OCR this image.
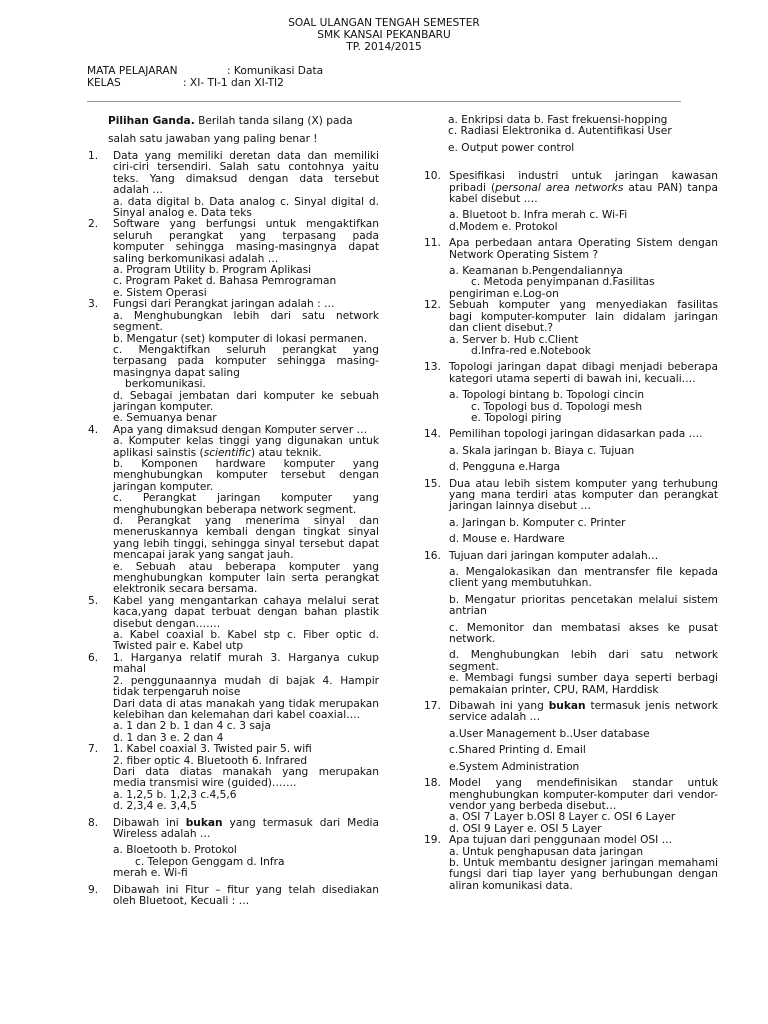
SOAL ULANGAN TENGAH SEMESTER
SMK KANSAI PEKANBARU
TP. 2014/2015
MATA PELAJARAN	: Komunikasi Data
KELAS	: XI- TI-1 dan XI-TI2
Pilihan Ganda. Berilah tanda silang (X) pada salah satu jawaban yang paling benar !
1. Data yang memiliki deretan data dan memiliki ciri-ciri tersendiri. Salah satu contohnya yaitu teks. Yang dimaksud dengan data tersebut adalah …
a. data digital b. Data analog c. Sinyal digital d. Sinyal analog e. Data teks
2. Software yang berfungsi untuk mengaktifkan seluruh perangkat yang terpasang pada komputer sehingga masing-masingnya dapat saling berkomunikasi adalah …
a. Program Utility b. Program Aplikasi
c. Program Paket d. Bahasa Pemrograman
e. Sistem Operasi
3. Fungsi dari Perangkat jaringan adalah : …
a. Menghubungkan lebih dari satu network segment.
b. Mengatur (set) komputer di lokasi permanen.
c. Mengaktifkan seluruh perangkat yang terpasang pada komputer sehingga masing-masingnya dapat saling
berkomunikasi.
d. Sebagai jembatan dari komputer ke sebuah jaringan komputer.
e. Semuanya benar
4. Apa yang dimaksud dengan Komputer server …
a. Komputer kelas tinggi yang digunakan untuk aplikasi sainstis (scientific) atau teknik.
b. Komponen hardware komputer yang menghubungkan komputer tersebut dengan jaringan komputer.
c. Perangkat jaringan komputer yang menghubungkan beberapa network segment.
d. Perangkat yang menerima sinyal dan meneruskannya kembali dengan tingkat sinyal yang lebih tinggi, sehingga sinyal tersebut dapat mencapai jarak yang sangat jauh.
e. Sebuah atau beberapa komputer yang menghubungkan komputer lain serta perangkat elektronik secara bersama.
5. Kabel yang mengantarkan cahaya melalui serat kaca,yang dapat terbuat dengan bahan plastik disebut dengan…….
a. Kabel coaxial b. Kabel stp c. Fiber optic d. Twisted pair e. Kabel utp
6. 1. Harganya relatif murah 3. Harganya cukup mahal
2. penggunaannya mudah di bajak 4. Hampir tidak terpengaruh noise
Dari data di atas manakah yang tidak merupakan kelebihan dan kelemahan dari kabel coaxial….
a. 1 dan 2 b. 1 dan 4 c. 3 saja
d. 1 dan 3 e. 2 dan 4
7. 1. Kabel coaxial 3. Twisted pair 5. wifi
2. fiber optic 4. Bluetooth 6. Infrared
Dari data diatas manakah yang merupakan media transmisi wire (guided)…….
a. 1,2,5 b. 1,2,3 c.4,5,6
d. 2,3,4 e. 3,4,5
8. Dibawah ini bukan yang termasuk dari Media Wireless adalah …
a. Bloetooth b. Protokol
c. Telepon Genggam d. Infra
merah e. Wi-fi
9. Dibawah ini Fitur – fitur yang telah disediakan oleh Bluetoot, Kecuali : …
a. Enkripsi data b. Fast frekuensi-hopping
c. Radiasi Elektronika d. Autentifikasi User
e. Output power control
10. Spesifikasi industri untuk jaringan kawasan pribadi (personal area networks atau PAN) tanpa kabel disebut ….
a. Bluetoot b. Infra merah c. Wi-Fi
d.Modem e. Protokol
11. Apa perbedaan antara Operating Sistem dengan Network Operating Sistem ?
a. Keamanan b.Pengendaliannya
c. Metoda penyimpanan d.Fasilitas
pengiriman e.Log-on
12. Sebuah komputer yang menyediakan fasilitas bagi komputer-komputer lain didalam jaringan dan client disebut.?
a. Server b. Hub c.Client
d.Infra-red e.Notebook
13. Topologi jaringan dapat dibagi menjadi beberapa kategori utama seperti di bawah ini, kecuali….
a. Topologi bintang b. Topologi cincin
c. Topologi bus d. Topologi mesh
e. Topologi piring
14. Pemilihan topologi jaringan didasarkan pada ….
a. Skala jaringan b. Biaya c. Tujuan
d. Pengguna e.Harga
15. Dua atau lebih sistem komputer yang terhubung yang mana terdiri atas komputer dan perangkat jaringan lainnya disebut …
a. Jaringan b. Komputer c. Printer
d. Mouse e. Hardware
16. Tujuan dari jaringan komputer adalah…
a. Mengalokasikan dan mentransfer file kepada client yang membutuhkan.
b. Mengatur prioritas pencetakan melalui sistem antrian
c. Memonitor dan membatasi akses ke pusat network.
d. Menghubungkan lebih dari satu network segment.
e. Membagi fungsi sumber daya seperti berbagi pemakaian printer, CPU, RAM, Harddisk
17. Dibawah ini yang bukan termasuk jenis network service adalah …
a.User Management b..User database
c.Shared Printing d. Email
e.System Administration
18. Model yang mendefinisikan standar untuk menghubungkan komputer-komputer dari vendor-vendor yang berbeda disebut…
a. OSI 7 Layer b.OSI 8 Layer c. OSI 6 Layer
d. OSI 9 Layer e. OSI 5 Layer
19. Apa tujuan dari penggunaan model OSI …
a. Untuk penghapusan data jaringan
b. Untuk membantu designer jaringan memahami fungsi dari tiap layer yang berhubungan dengan aliran komunikasi data.
